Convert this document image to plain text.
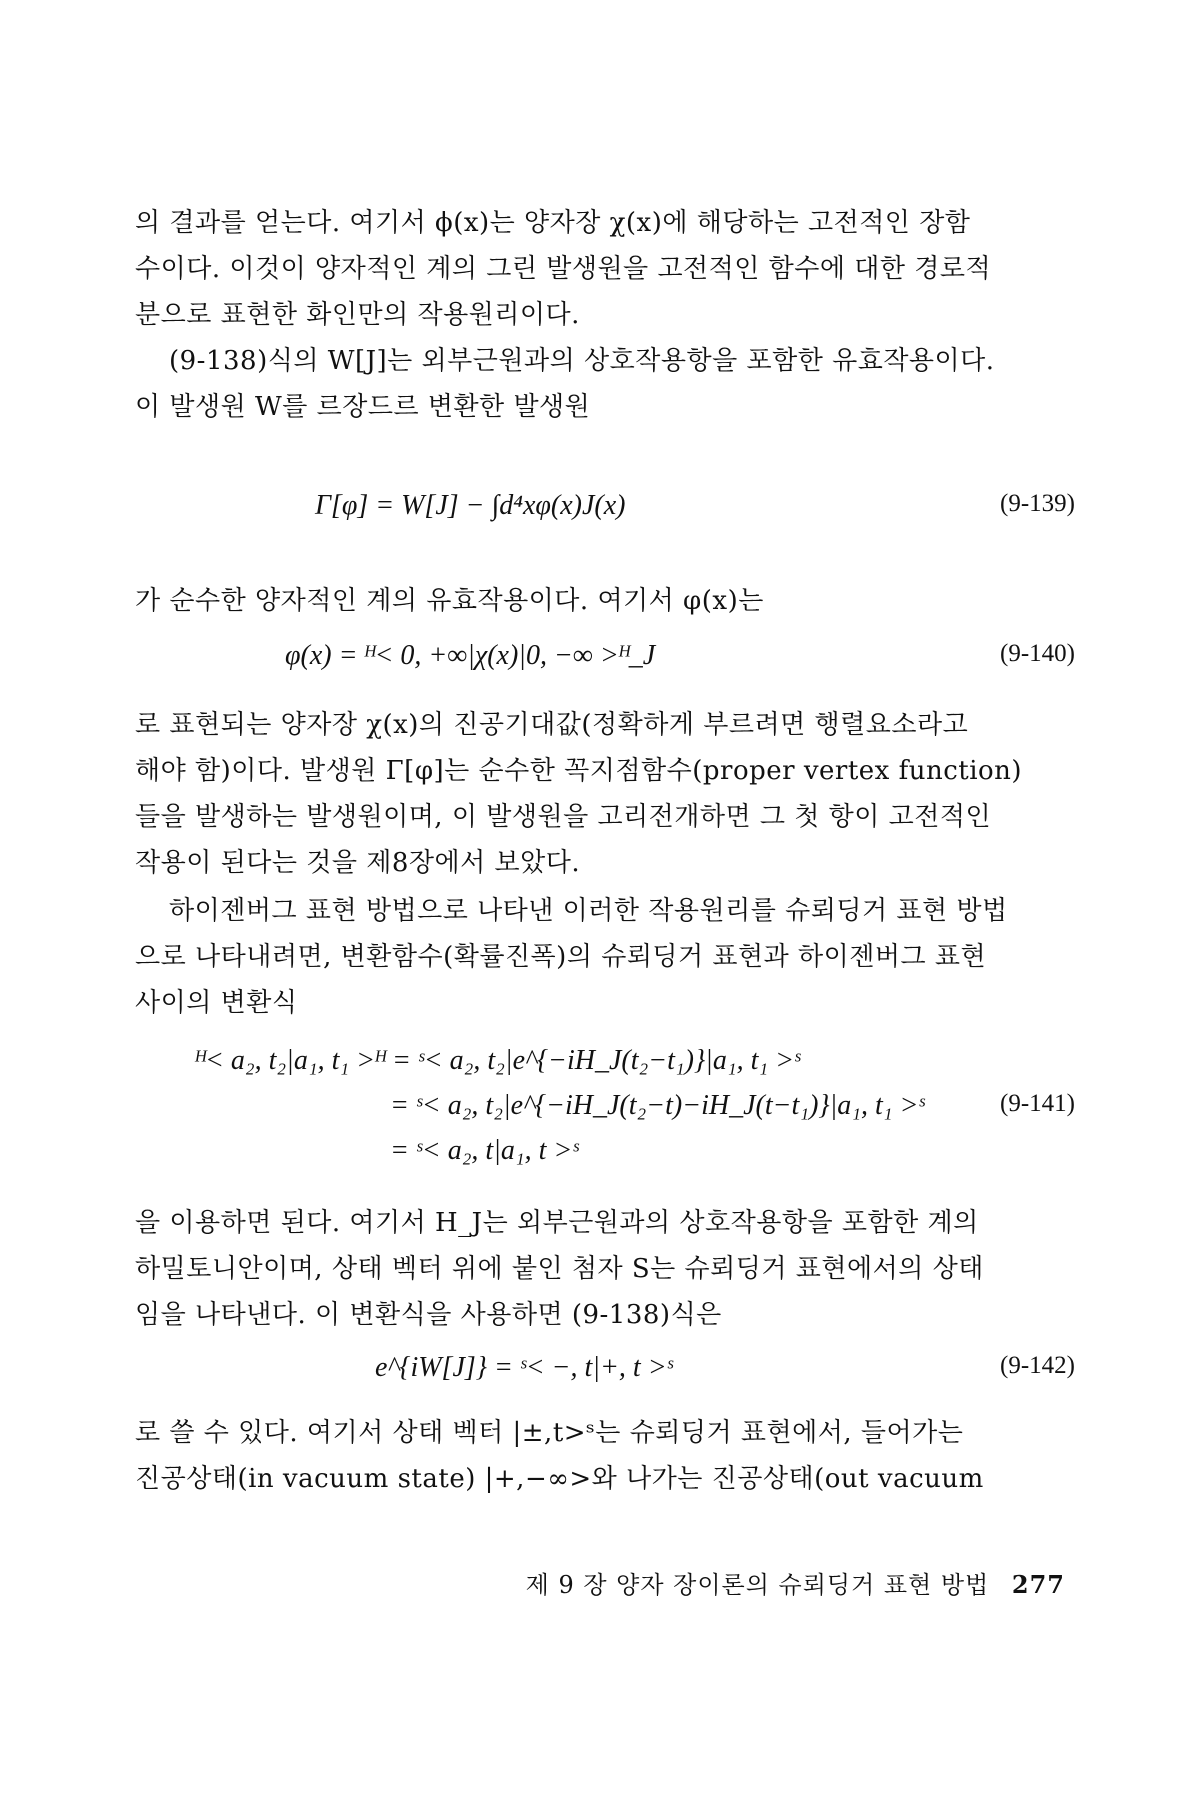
의 결과를 얻는다. 여기서 ϕ(x)는 양자장 χ(x)에 해당하는 고전적인 장함

수이다. 이것이 양자적인 계의 그린 발생원을 고전적인 함수에 대한 경로적

분으로 표현한 화인만의 작용원리이다.

(9-138)식의 W[J]는 외부근원과의 상호작용항을 포함한 유효작용이다.

이 발생원 W를 르장드르 변환한 발생원

Γ[φ] = W[J] − ∫d⁴xφ(x)J(x)	(9-139)

가 순수한 양자적인 계의 유효작용이다. 여기서 φ(x)는

φ(x) = ᴴ< 0, +∞|χ(x)|0, −∞ >ᴴ_J	(9-140)

로 표현되는 양자장 χ(x)의 진공기대값(정확하게 부르려면 행렬요소라고

해야 함)이다. 발생원 Γ[φ]는 순수한 꼭지점함수(proper vertex function)

들을 발생하는 발생원이며, 이 발생원을 고리전개하면 그 첫 항이 고전적인

작용이 된다는 것을 제8장에서 보았다.

하이젠버그 표현 방법으로 나타낸 이러한 작용원리를 슈뢰딩거 표현 방법

으로 나타내려면, 변환함수(확률진폭)의 슈뢰딩거 표현과 하이젠버그 표현

사이의 변환식

ᴴ< a₂, t₂|a₁, t₁ >ᴴ = ˢ< a₂, t₂|e^{−iH_J(t₂−t₁)}|a₁, t₁ >ˢ
= ˢ< a₂, t₂|e^{−iH_J(t₂−t)−iH_J(t−t₁)}|a₁, t₁ >ˢ
= ˢ< a₂, t|a₁, t >ˢ
(9-141)

을 이용하면 된다. 여기서 H_J는 외부근원과의 상호작용항을 포함한 계의

하밀토니안이며, 상태 벡터 위에 붙인 첨자 S는 슈뢰딩거 표현에서의 상태

임을 나타낸다. 이 변환식을 사용하면 (9-138)식은

e^{iW[J]} = ˢ< −, t|+, t >ˢ	(9-142)

로 쓸 수 있다. 여기서 상태 벡터 |±,t>ˢ는 슈뢰딩거 표현에서, 들어가는

진공상태(in vacuum state) |+,−∞>와 나가는 진공상태(out vacuum

제 9 장 양자 장이론의 슈뢰딩거 표현 방법 277
